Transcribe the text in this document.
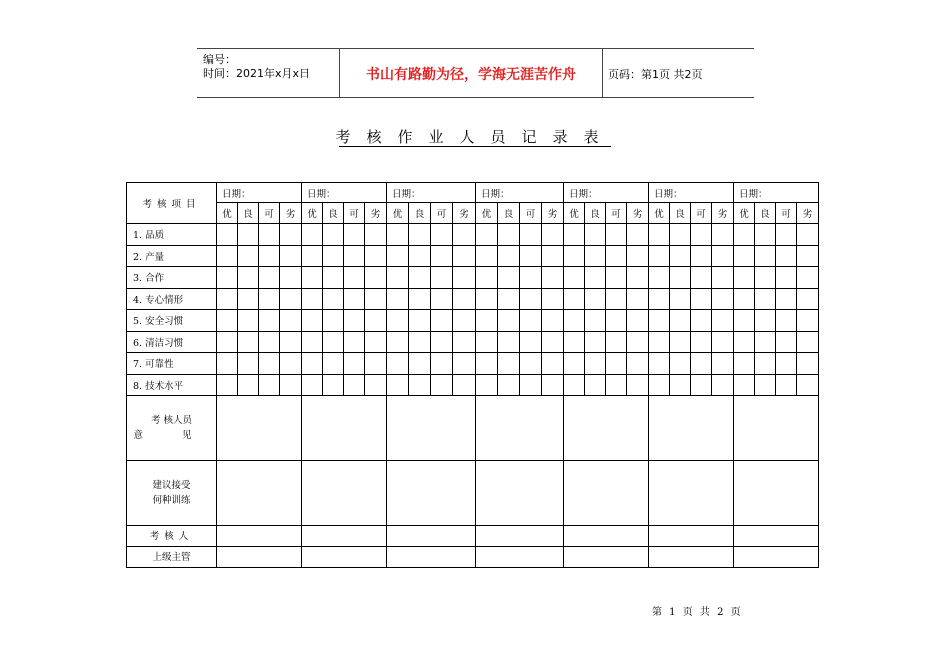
编号：
时间：2021年x月x日	书山有路勤为径，学海无涯苦作舟	页码：第1页 共2页
考核作业人员记录表
考核项目	日期：				日期：				日期：				日期：				日期：				日期：				日期：			
	优	良	可	劣	优	良	可	劣	优	良	可	劣	优	良	可	劣	优	良	可	劣	优	良	可	劣	优	良	可	劣
1. 品质																												
2. 产量																												
3. 合作																												
4. 专心情形																												
5. 安全习惯																												
6. 清洁习惯																												
7. 可靠性																												
8. 技术水平																												

考 核人员
意 见																												

建议接受
何种训练																												

考核人																												
上级主管																												
第 1 页 共 2 页
